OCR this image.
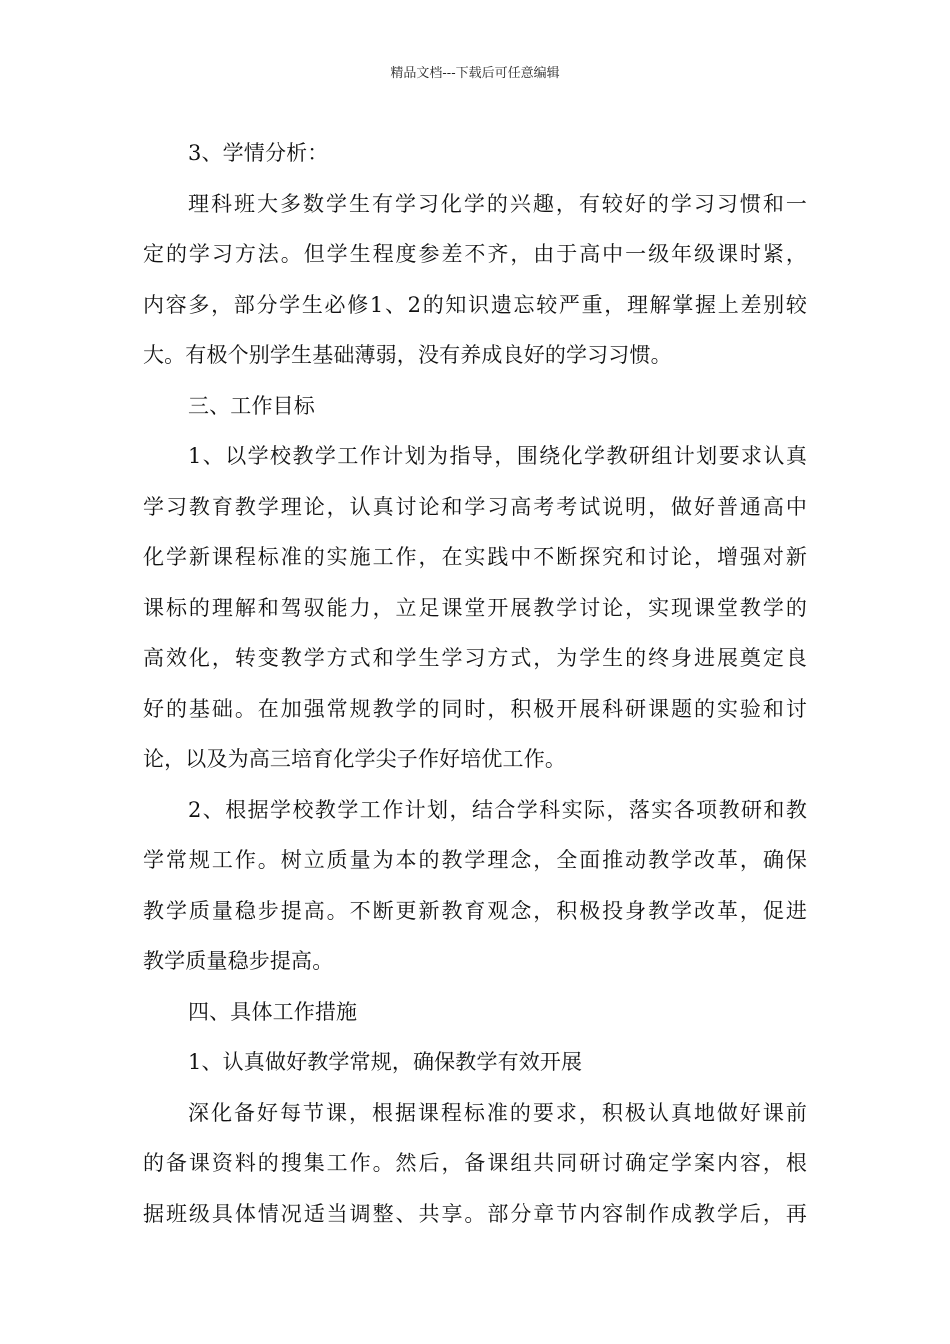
精品文档---下载后可任意编辑
3、学情分析：
理科班大多数学生有学习化学的兴趣，有较好的学习习惯和一
定的学习方法。但学生程度参差不齐，由于高中一级年级课时紧，
内容多，部分学生必修1、2的知识遗忘较严重，理解掌握上差别较
大。有极个别学生基础薄弱，没有养成良好的学习习惯。
三、工作目标
1、以学校教学工作计划为指导，围绕化学教研组计划要求认真
学习教育教学理论，认真讨论和学习高考考试说明，做好普通高中
化学新课程标准的实施工作，在实践中不断探究和讨论，增强对新
课标的理解和驾驭能力，立足课堂开展教学讨论，实现课堂教学的
高效化，转变教学方式和学生学习方式，为学生的终身进展奠定良
好的基础。在加强常规教学的同时，积极开展科研课题的实验和讨
论，以及为高三培育化学尖子作好培优工作。
2、根据学校教学工作计划，结合学科实际，落实各项教研和教
学常规工作。树立质量为本的教学理念，全面推动教学改革，确保
教学质量稳步提高。不断更新教育观念，积极投身教学改革，促进
教学质量稳步提高。
四、具体工作措施
1、认真做好教学常规，确保教学有效开展
深化备好每节课，根据课程标准的要求，积极认真地做好课前
的备课资料的搜集工作。然后，备课组共同研讨确定学案内容，根
据班级具体情况适当调整、共享。部分章节内容制作成教学后，再
